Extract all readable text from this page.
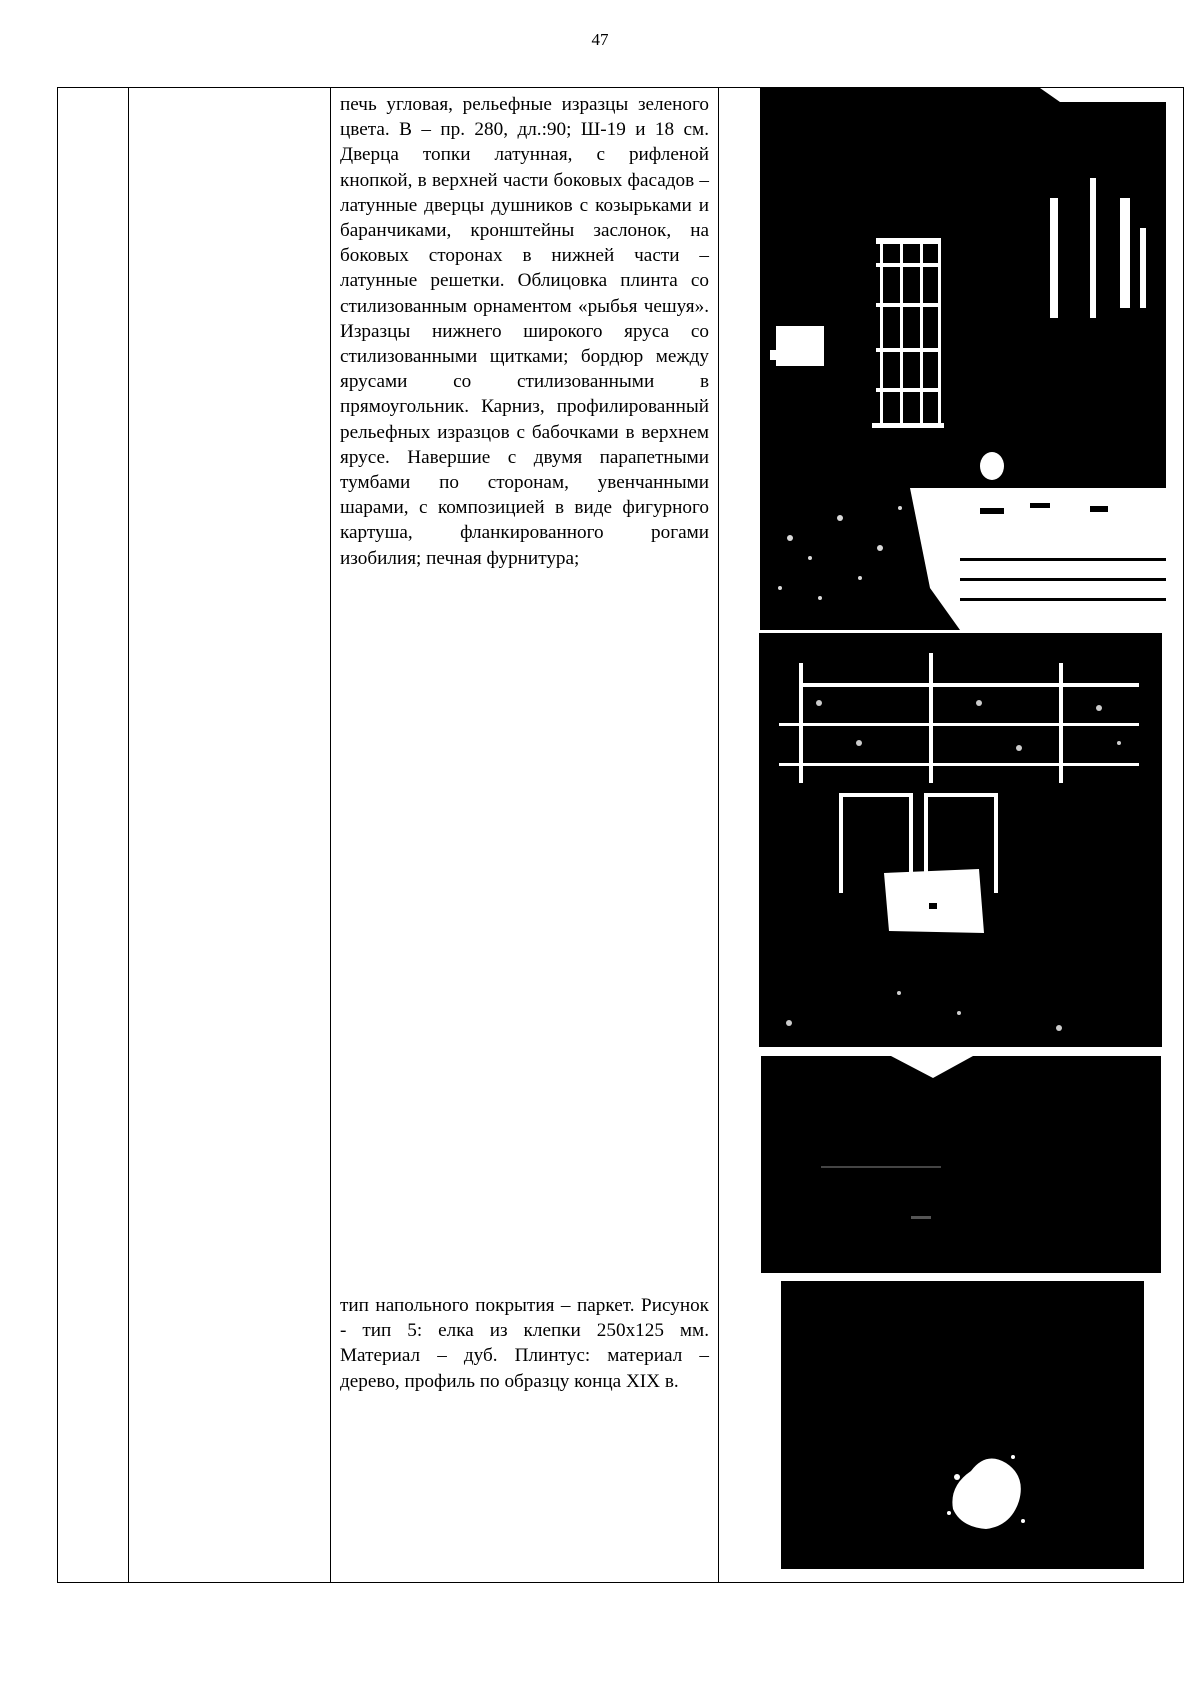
47
печь угловая, рельефные изразцы зеленого цвета. В – пр. 280, дл.:90; Ш-19 и 18 см. Дверца топки латунная, с рифленой кнопкой, в верхней части боковых фасадов – латунные дверцы душников с козырьками и баранчиками, кронштейны заслонок, на боковых сторонах в нижней части – латунные решетки. Облицовка плинта со стилизованным орнаментом «рыбья чешуя». Изразцы нижнего широкого яруса со стилизованными щитками; бордюр между ярусами со стилизованными в прямоугольник. Карниз, профилированный рельефных изразцов с бабочками в верхнем ярусе. Навершие с двумя парапетными тумбами по сторонам, увенчанными шарами, с композицией в виде фигурного картуша, фланкированного рогами изобилия; печная фурнитура;
тип напольного покрытия – паркет. Рисунок - тип 5: елка из клепки 250х125 мм. Материал – дуб. Плинтус: материал – дерево, профиль по образцу конца XIX в.
